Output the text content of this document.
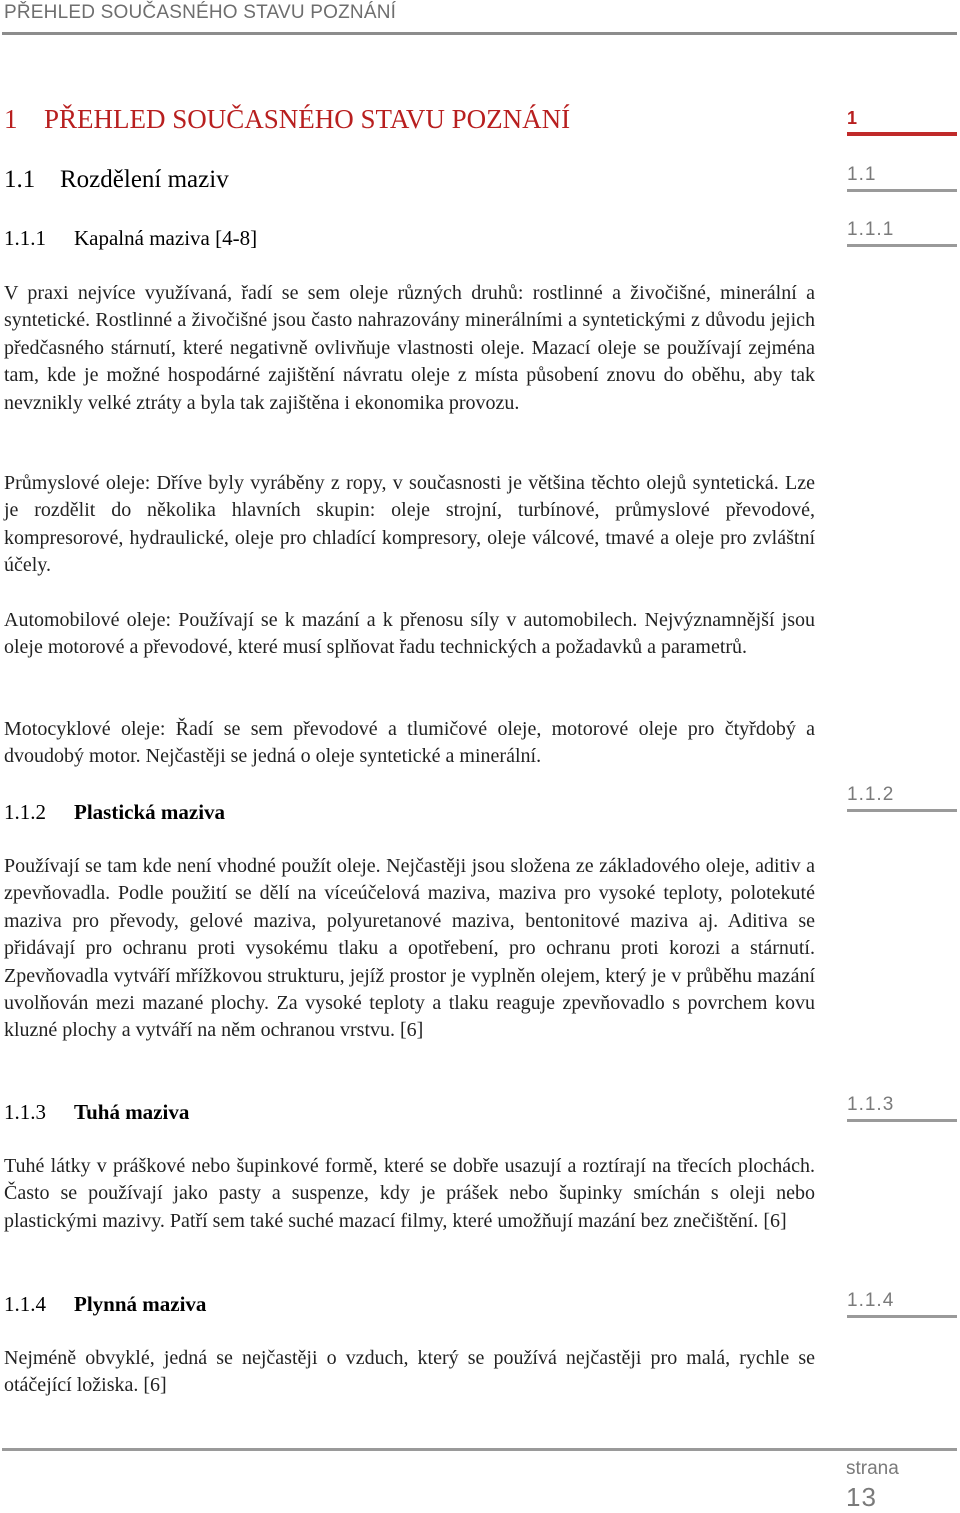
PŘEHLED SOUČASNÉHO STAVU POZNÁNÍ
1 PŘEHLED SOUČASNÉHO STAVU POZNÁNÍ
1.1 Rozdělení maziv
1.1.1 Kapalná maziva [4-8]

V praxi nejvíce využívaná, řadí se sem oleje různých druhů: rostlinné a živočišné, minerální a syntetické. Rostlinné a živočišné jsou často nahrazovány minerálními a syntetickými z důvodu jejich předčasného stárnutí, které negativně ovlivňuje vlastnosti oleje. Mazací oleje se používají zejména tam, kde je možné hospodárné zajištění návratu oleje z místa působení znovu do oběhu, aby tak nevznikly velké ztráty a byla tak zajištěna i ekonomika provozu.

Průmyslové oleje: Dříve byly vyráběny z ropy, v současnosti je většina těchto olejů syntetická. Lze je rozdělit do několika hlavních skupin: oleje strojní, turbínové, průmyslové převodové, kompresorové, hydraulické, oleje pro chladící kompresory, oleje válcové, tmavé a oleje pro zvláštní účely.

Automobilové oleje: Používají se k mazání a k přenosu síly v automobilech. Nejvýznamnější jsou oleje motorové a převodové, které musí splňovat řadu technických a požadavků a parametrů.

Motocyklové oleje: Řadí se sem převodové a tlumičové oleje, motorové oleje pro čtyřdobý a dvoudobý motor. Nejčastěji se jedná o oleje syntetické a minerální.

1.1.2 Plastická maziva

Používají se tam kde není vhodné použít oleje. Nejčastěji jsou složena ze základového oleje, aditiv a zpevňovadla. Podle použití se dělí na víceúčelová maziva, maziva pro vysoké teploty, polotekuté maziva pro převody, gelové maziva, polyuretanové maziva, bentonitové maziva aj. Aditiva se přidávají pro ochranu proti vysokému tlaku a opotřebení, pro ochranu proti korozi a stárnutí. Zpevňovadla vytváří mřížkovou strukturu, jejíž prostor je vyplněn olejem, který je v průběhu mazání uvolňován mezi mazané plochy. Za vysoké teploty a tlaku reaguje zpevňovadlo s povrchem kovu kluzné plochy a vytváří na něm ochranou vrstvu. [6]

1.1.3 Tuhá maziva

Tuhé látky v práškové nebo šupinkové formě, které se dobře usazují a roztírají na třecích plochách. Často se používají jako pasty a suspenze, kdy je prášek nebo šupinky smíchán s oleji nebo plastickými mazivy. Patří sem také suché mazací filmy, které umožňují mazání bez znečištění. [6]

1.1.4 Plynná maziva

Nejméně obvyklé, jedná se nejčastěji o vzduch, který se používá nejčastěji pro malá, rychle se otáčející ložiska. [6]

1
1.1
1.1.1
1.1.2
1.1.3
1.1.4
strana
13
